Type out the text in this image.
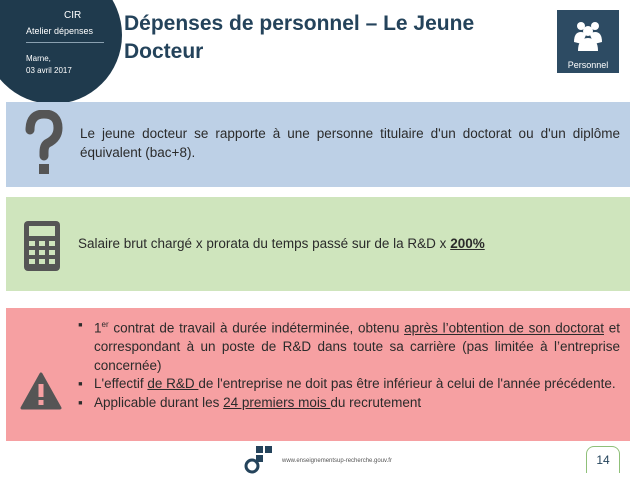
CIR
Atelier dépenses
Marne,
03 avril 2017
Dépenses de personnel – Le Jeune
Docteur
Personnel
Le jeune docteur se rapporte à une personne titulaire d'un doctorat ou d'un diplôme équivalent (bac+8).
Salaire brut chargé x prorata du temps passé sur de la R&D x 200%
▪ 1er contrat de travail à durée indéterminée, obtenu après l’obtention de son doctorat et correspondant à un poste de R&D dans toute sa carrière (pas limitée à l’entreprise concernée)
▪ L'effectif de R&D de l'entreprise ne doit pas être inférieur à celui de l'année précédente.
▪ Applicable durant les 24 premiers mois du recrutement
www.enseignementsup-recherche.gouv.fr	14
